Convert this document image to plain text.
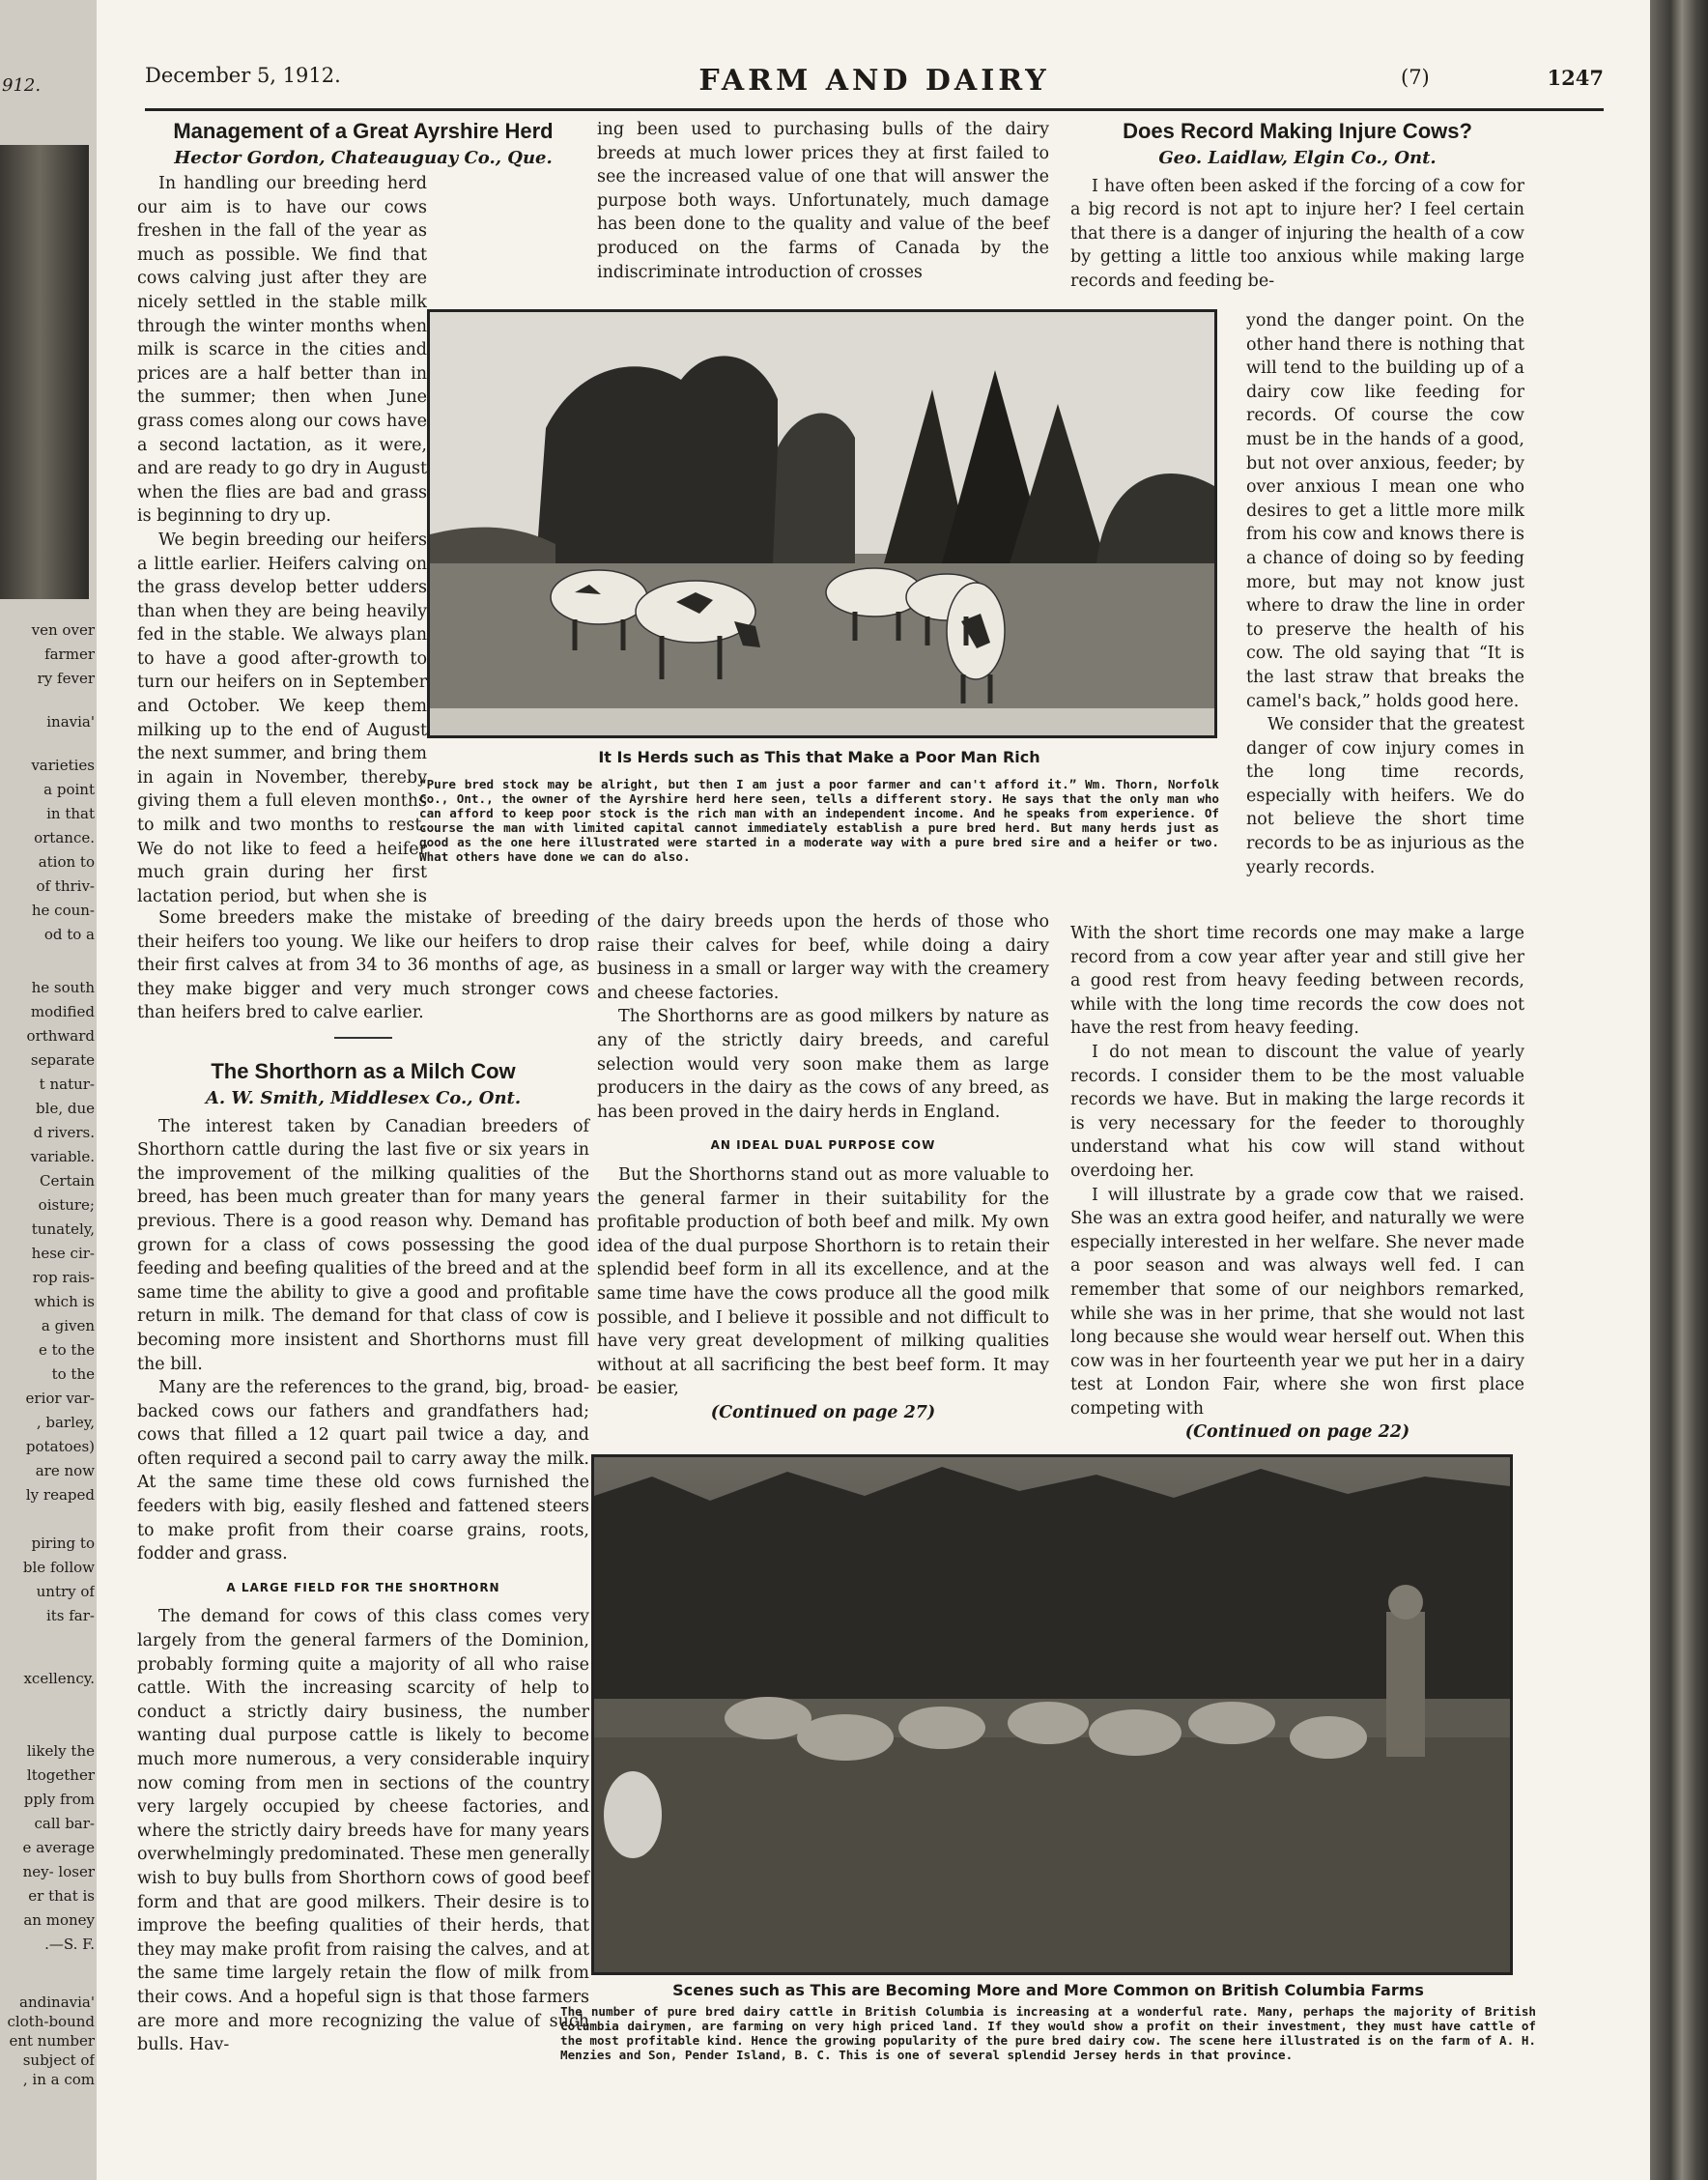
912.
ven over
farmer
ry fever
inavia'
varieties
a point
in that
ortance.
ation to
of thriv-
he coun-
od to a
he south
modified
orthward
separate
t natur-
ble, due
d rivers.
variable.
Certain
oisture;
tunately,
hese cir-
rop rais-
which is
a given
e to the
to the
erior var-
, barley,
potatoes)
are now
ly reaped
piring to
ble follow
untry of
its far-
xcellency.
likely the
ltogether
pply from
call bar-
e average
ney- loser
er that is
an money
.—S. F.
andinavia'
cloth-bound
ent number
subject of
, in a com
December 5, 1912.	FARM AND DAIRY	(7)	1247
Management of a Great Ayrshire Herd
Hector Gordon, Chateauguay Co., Que.

In handling our breeding herd our aim is to have our cows freshen in the fall of the year as much as possible. We find that cows calving just after they are nicely settled in the stable milk through the winter months when milk is scarce in the cities and prices are a half better than in the summer; then when June grass comes along our cows have a second lactation, as it were, and are ready to go dry in August when the flies are bad and grass is beginning to dry up.

We begin breeding our heifers a little earlier. Heifers calving on the grass develop better udders than when they are being heavily fed in the stable. We always plan to have a good after-growth to turn our heifers on in September and October. We keep them milking up to the end of August the next summer, and bring them in again in November, thereby giving them a full eleven months to milk and two months to rest. We do not like to feed a heifer much grain during her first lactation period, but when she is

Some breeders make the mistake of breeding their heifers too young. We like our heifers to drop their first calves at from 34 to 36 months of age, as they make bigger and very much stronger cows than heifers bred to calve earlier.

The Shorthorn as a Milch Cow
A. W. Smith, Middlesex Co., Ont.

The interest taken by Canadian breeders of Shorthorn cattle during the last five or six years in the improvement of the milking qualities of the breed, has been much greater than for many years previous. There is a good reason why. Demand has grown for a class of cows possessing the good feeding and beefing qualities of the breed and at the same time the ability to give a good and profitable return in milk. The demand for that class of cow is becoming more insistent and Shorthorns must fill the bill.

Many are the references to the grand, big, broad-backed cows our fathers and grandfathers had; cows that filled a 12 quart pail twice a day, and often required a second pail to carry away the milk. At the same time these old cows furnished the feeders with big, easily fleshed and fattened steers to make profit from their coarse grains, roots, fodder and grass.

A LARGE FIELD FOR THE SHORTHORN

The demand for cows of this class comes very largely from the general farmers of the Dominion, probably forming quite a majority of all who raise cattle. With the increasing scarcity of help to conduct a strictly dairy business, the number wanting dual purpose cattle is likely to become much more numerous, a very considerable inquiry now coming from men in sections of the country very largely occupied by cheese factories, and where the strictly dairy breeds have for many years overwhelmingly predominated. These men generally wish to buy bulls from Shorthorn cows of good beef form and that are good milkers. Their desire is to improve the beefing qualities of their herds, that they may make profit from raising the calves, and at the same time largely retain the flow of milk from their cows. And a hopeful sign is that those farmers are more and more recognizing the value of such bulls. Hav-

ing been used to purchasing bulls of the dairy breeds at much lower prices they at first failed to see the increased value of one that will answer the purpose both ways. Unfortunately, much damage has been done to the quality and value of the beef produced on the farms of Canada by the indiscriminate introduction of crosses

It Is Herds such as This that Make a Poor Man Rich
“Pure bred stock may be alright, but then I am just a poor farmer and can't afford it.” Wm. Thorn, Norfolk Co., Ont., the owner of the Ayrshire herd here seen, tells a different story. He says that the only man who can afford to keep poor stock is the rich man with an independent income. And he speaks from experience. Of course the man with limited capital cannot immediately establish a pure bred herd. But many herds just as good as the one here illustrated were started in a moderate way with a pure bred sire and a heifer or two. What others have done we can do also.

of the dairy breeds upon the herds of those who raise their calves for beef, while doing a dairy business in a small or larger way with the creamery and cheese factories.

The Shorthorns are as good milkers by nature as any of the strictly dairy breeds, and careful selection would very soon make them as large producers in the dairy as the cows of any breed, as has been proved in the dairy herds in England.

AN IDEAL DUAL PURPOSE COW

But the Shorthorns stand out as more valuable to the general farmer in their suitability for the profitable production of both beef and milk. My own idea of the dual purpose Shorthorn is to retain their splendid beef form in all its excellence, and at the same time have the cows produce all the good milk possible, and I believe it possible and not difficult to have very great development of milking qualities without at all sacrificing the best beef form. It may be easier,

(Continued on page 27)
Does Record Making Injure Cows?
Geo. Laidlaw, Elgin Co., Ont.

I have often been asked if the forcing of a cow for a big record is not apt to injure her? I feel certain that there is a danger of injuring the health of a cow by getting a little too anxious while making large records and feeding be-

yond the danger point. On the other hand there is nothing that will tend to the building up of a dairy cow like feeding for records. Of course the cow must be in the hands of a good, but not over anxious, feeder; by over anxious I mean one who desires to get a little more milk from his cow and knows there is a chance of doing so by feeding more, but may not know just where to draw the line in order to preserve the health of his cow. The old saying that “It is the last straw that breaks the camel's back,” holds good here.

We consider that the greatest danger of cow injury comes in the long time records, especially with heifers. We do not believe the short time records to be as injurious as the yearly records.

With the short time records one may make a large record from a cow year after year and still give her a good rest from heavy feeding between records, while with the long time records the cow does not have the rest from heavy feeding.

I do not mean to discount the value of yearly records. I consider them to be the most valuable records we have. But in making the large records it is very necessary for the feeder to thoroughly understand what his cow will stand without overdoing her.

I will illustrate by a grade cow that we raised. She was an extra good heifer, and naturally we were especially interested in her welfare. She never made a poor season and was always well fed. I can remember that some of our neighbors remarked, while she was in her prime, that she would not last long because she would wear herself out. When this cow was in her fourteenth year we put her in a dairy test at London Fair, where she won first place competing with

(Continued on page 22)
Scenes such as This are Becoming More and More Common on British Columbia Farms
The number of pure bred dairy cattle in British Columbia is increasing at a wonderful rate. Many, perhaps the majority of British Columbia dairymen, are farming on very high priced land. If they would show a profit on their investment, they must have cattle of the most profitable kind. Hence the growing popularity of the pure bred dairy cow. The scene here illustrated is on the farm of A. H. Menzies and Son, Pender Island, B. C. This is one of several splendid Jersey herds in that province.
